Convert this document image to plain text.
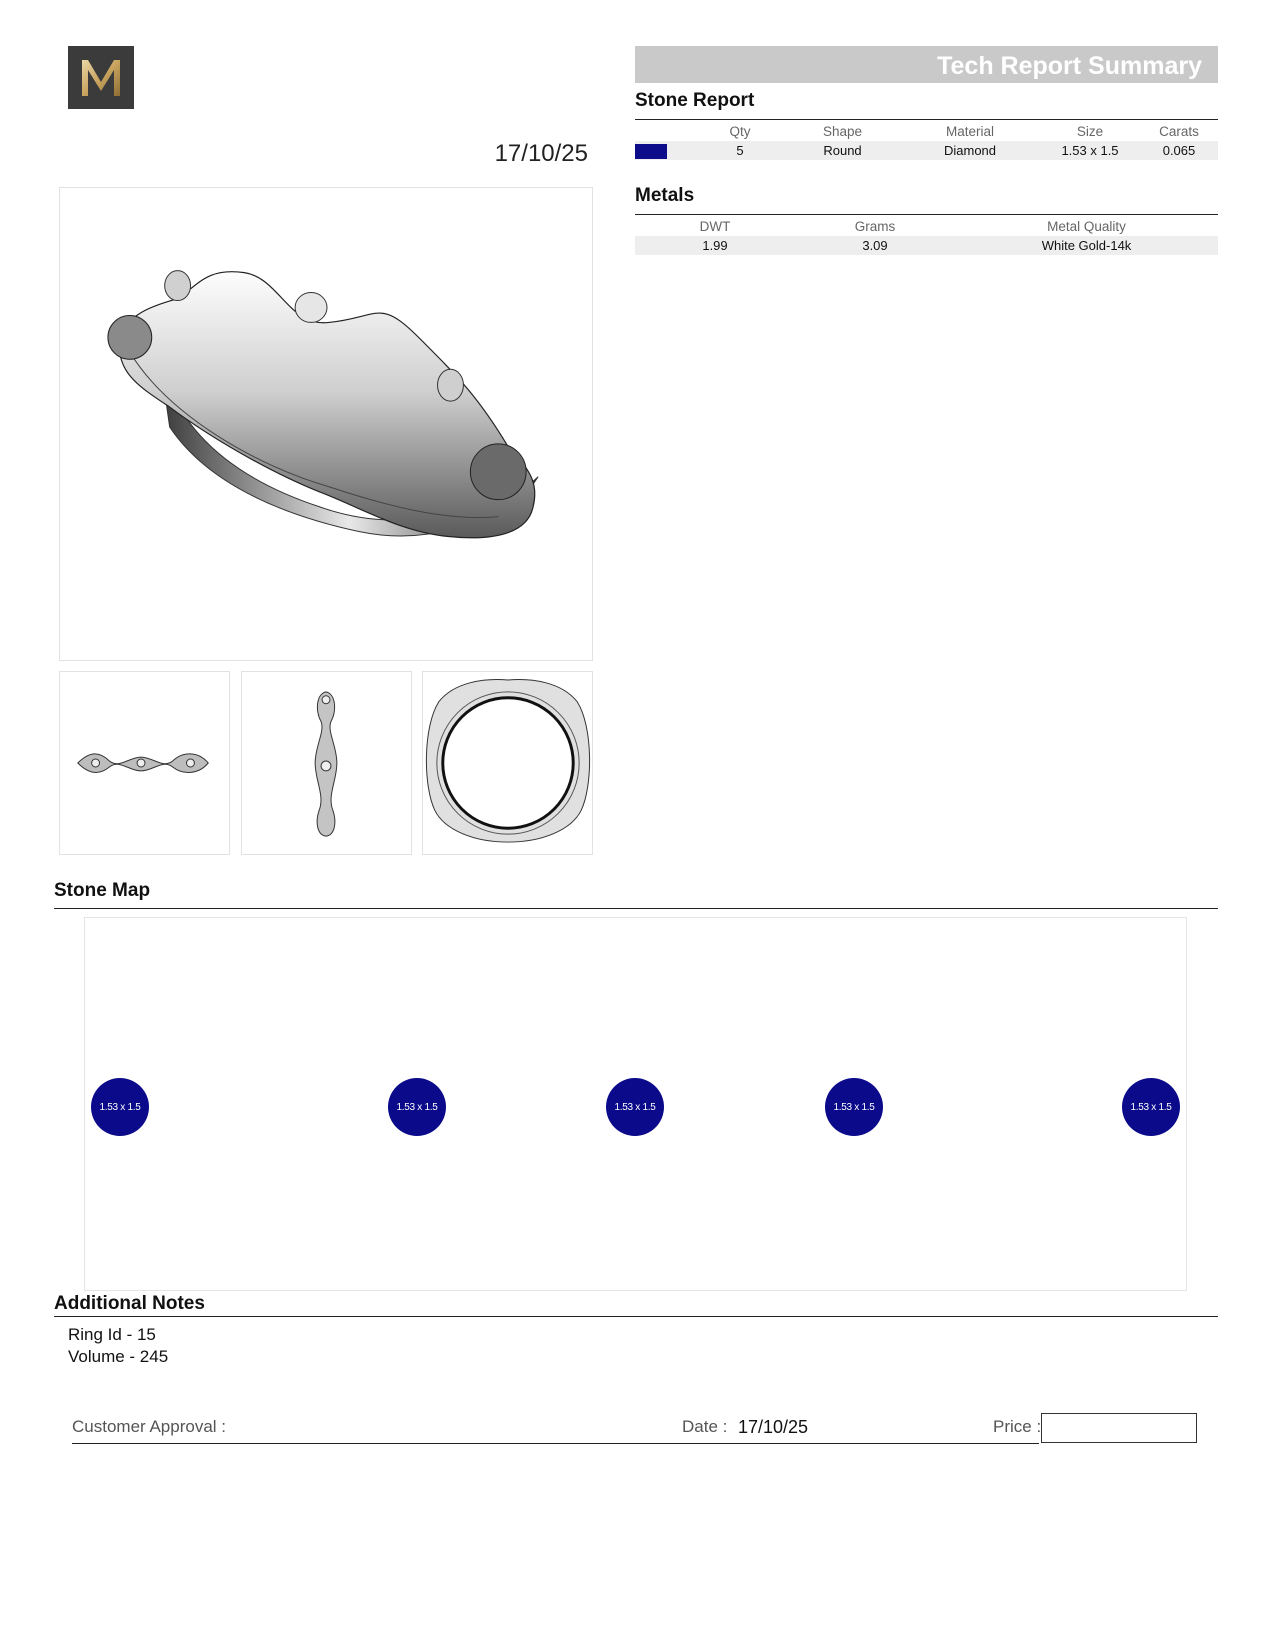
17/10/25
Tech Report Summary
Stone Report
	Qty	Shape	Material	Size	Carats
	5	Round	Diamond	1.53 x 1.5	0.065
Metals
DWT	Grams	Metal Quality
1.99	3.09	White Gold-14k
Stone Map
1.53 x 1.5	1.53 x 1.5	1.53 x 1.5	1.53 x 1.5	1.53 x 1.5
Additional Notes
Ring Id - 15
Volume - 245
Customer Approval :	Date : 17/10/25	Price :
